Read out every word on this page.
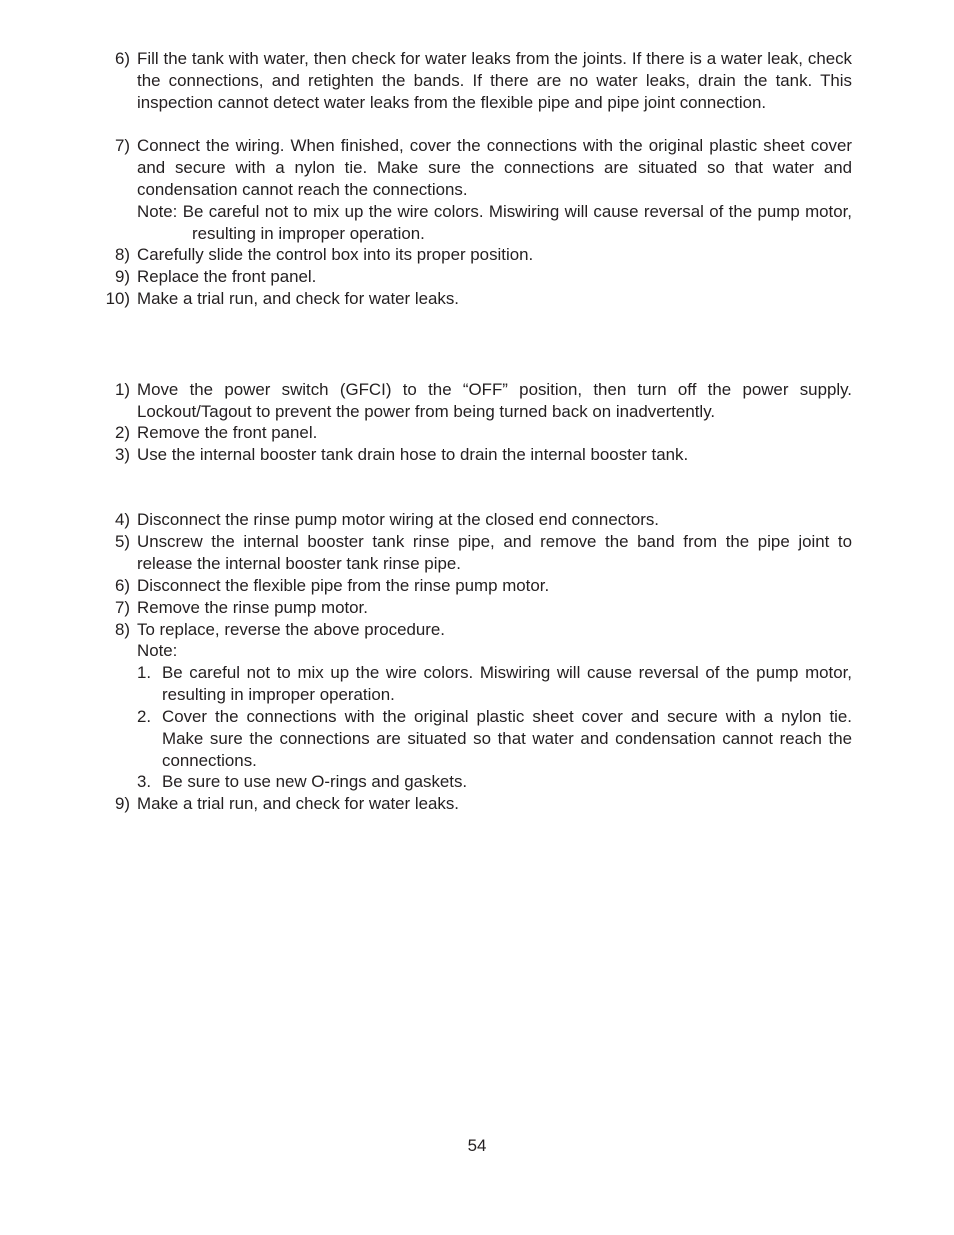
6) Fill the tank with water, then check for water leaks from the joints. If there is a water leak, check the connections, and retighten the bands. If there are no water leaks, drain the tank. This inspection cannot detect water leaks from the flexible pipe and pipe joint connection.
7) Connect the wiring. When finished, cover the connections with the original plastic sheet cover and secure with a nylon tie. Make sure the connections are situated so that water and condensation cannot reach the connections.
Note: Be careful not to mix up the wire colors. Miswiring will cause reversal of the pump motor, resulting in improper operation.
8) Carefully slide the control box into its proper position.
9) Replace the front panel.
10) Make a trial run, and check for water leaks.
1) Move the power switch (GFCI) to the “OFF” position, then turn off the power supply. Lockout/Tagout to prevent the power from being turned back on inadvertently.
2) Remove the front panel.
3) Use the internal booster tank drain hose to drain the internal booster tank.
4) Disconnect the rinse pump motor wiring at the closed end connectors.
5) Unscrew the internal booster tank rinse pipe, and remove the band from the pipe joint to release the internal booster tank rinse pipe.
6) Disconnect the flexible pipe from the rinse pump motor.
7) Remove the rinse pump motor.
8) To replace, reverse the above procedure.
Note:
1. Be careful not to mix up the wire colors. Miswiring will cause reversal of the pump motor, resulting in improper operation.
2. Cover the connections with the original plastic sheet cover and secure with a nylon tie. Make sure the connections are situated so that water and condensation cannot reach the connections.
3. Be sure to use new O-rings and gaskets.
9) Make a trial run, and check for water leaks.
54
